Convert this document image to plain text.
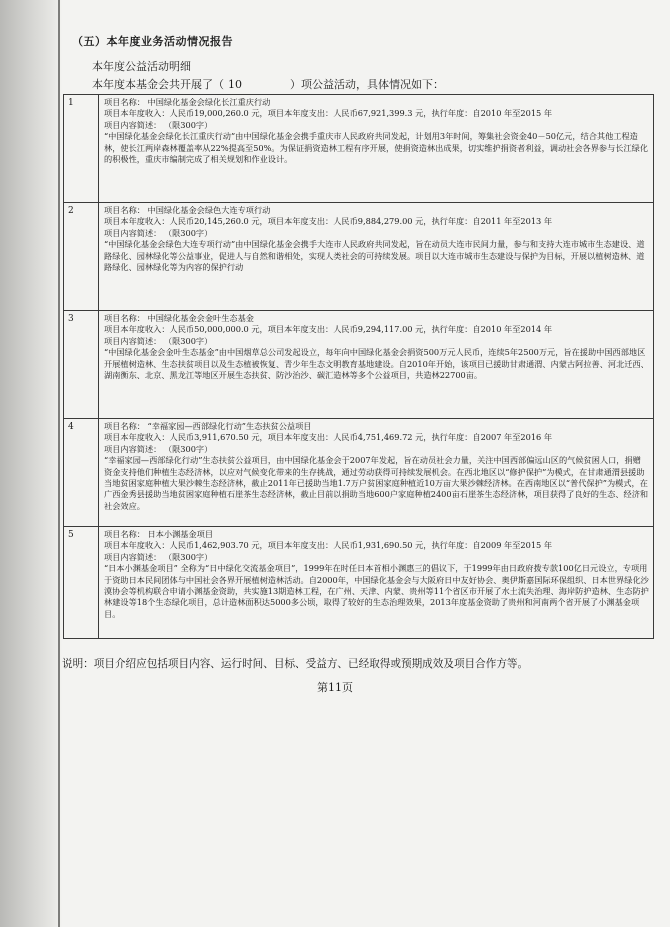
（五）本年度业务活动情况报告
本年度公益活动明细
本年度本基金会共开展了（ 10	）项公益活动，具体情况如下：
1	项目名称： 中国绿化基金会绿化长江重庆行动
项目本年度收入：人民币19,000,260.0 元，项目本年度支出：人民币67,921,399.3 元，执行年度：自2010 年至2015 年
项目内容简述： （限300字）
“中国绿化基金会绿化长江重庆行动”由中国绿化基金会携手重庆市人民政府共同发起，计划用3年时间，筹集社会资金40－50亿元，结合其他工程造林，使长江两岸森林覆盖率从22%提高至50%。为保证捐资造林工程有序开展，使捐资造林出成果，切实维护捐资者利益，调动社会各界参与长江绿化的积极性，重庆市编制完成了相关规划和作业设计。

2	项目名称： 中国绿化基金会绿色大连专项行动
项目本年度收入：人民币20,145,260.0 元，项目本年度支出：人民币9,884,279.00 元，执行年度：自2011 年至2013 年
项目内容简述： （限300字）
“中国绿化基金会绿色大连专项行动”由中国绿化基金会携手大连市人民政府共同发起，旨在动员大连市民间力量，参与和支持大连市城市生态建设、道路绿化、园林绿化等公益事业，促进人与自然和谐相处，实现人类社会的可持续发展。项目以大连市城市生态建设与保护为目标，开展以植树造林、道路绿化、园林绿化等为内容的保护行动

3	项目名称： 中国绿化基金会金叶生态基金
项目本年度收入：人民币50,000,000.0 元，项目本年度支出：人民币9,294,117.00 元，执行年度：自2010 年至2014 年
项目内容简述： （限300字）
“中国绿化基金会金叶生态基金”由中国烟草总公司发起设立，每年向中国绿化基金会捐资500万元人民币，连续5年2500万元，旨在援助中国西部地区开展植树造林、生态扶贫项目以及生态植被恢复、青少年生态文明教育基地建设。自2010年开始，该项目已援助甘肃通渭、内蒙古阿拉善、河北迁西、湖南衡东、北京、黑龙江等地区开展生态扶贫、防沙治沙、碳汇造林等多个公益项目，共造林22700亩。

4	项目名称： “幸福家园—西部绿化行动”生态扶贫公益项目
项目本年度收入：人民币3,911,670.50 元，项目本年度支出：人民币4,751,469.72 元，执行年度：自2007 年至2016 年
项目内容简述： （限300字）
“幸福家园—西部绿化行动”生态扶贫公益项目，由中国绿化基金会于2007年发起，旨在动员社会力量，关注中国西部偏远山区的气候贫困人口，捐赠资金支持他们种植生态经济林，以应对气候变化带来的生存挑战，通过劳动获得可持续发展机会。在西北地区以“修护保护”为模式，在甘肃通渭县援助当地贫困家庭种植大果沙棘生态经济林，截止2011年已援助当地1.7万户贫困家庭种植近10万亩大果沙棘经济林。在西南地区以“普代保护”为模式，在广西金秀县援助当地贫困家庭种植石崖茶生态经济林，截止目前以捐助当地600户家庭种植2400亩石崖茶生态经济林，项目获得了良好的生态、经济和社会效应。

5	项目名称： 日本小渊基金项目
项目本年度收入：人民币1,462,903.70 元，项目本年度支出：人民币1,931,690.50 元，执行年度：自2009 年至2015 年
项目内容简述： （限300字）
“日本小渊基金项目” 全称为“日中绿化交流基金项目”，1999年在时任日本首相小渊惠三的倡议下，于1999年由日政府拨专款100亿日元设立，专项用于资助日本民间团体与中国社会各界开展植树造林活动。自2000年，中国绿化基金会与大阪府日中友好协会、奥伊斯嘉国际环保组织、日本世界绿化沙漠协会等机构联合申请小渊基金资助，共实施13期造林工程，在广州、天津、内蒙、贵州等11个省区市开展了水土流失治理、海岸防护造林、生态防护林建设等18个生态绿化项目，总计造林面积达5000多公顷，取得了较好的生态治理效果，2013年度基金资助了贵州和河南两个省开展了小渊基金项目。
说明：项目介绍应包括项目内容、运行时间、目标、受益方、已经取得或预期成效及项目合作方等。
第11页
